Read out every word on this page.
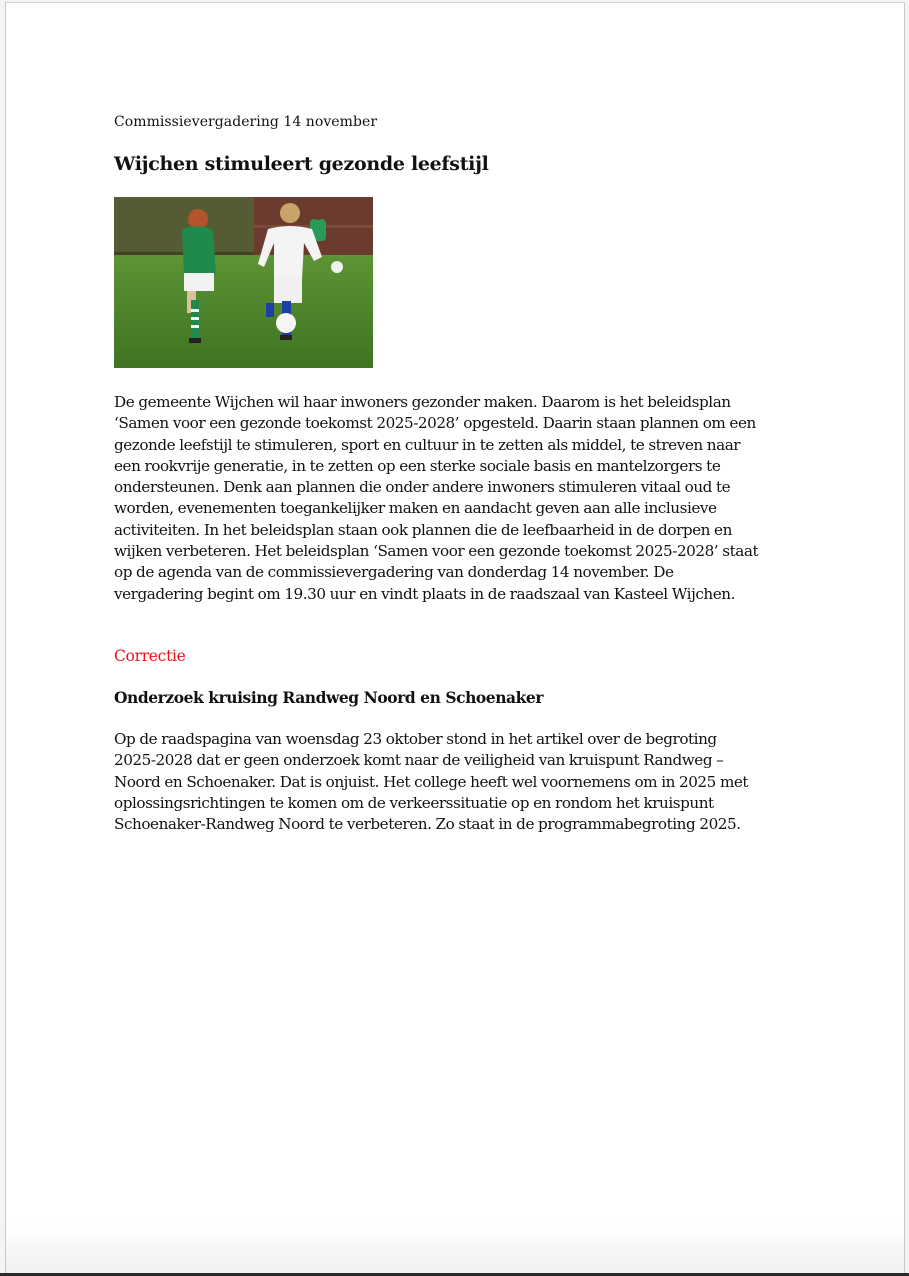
Commissievergadering 14 november

Wijchen stimuleert gezonde leefstijl

De gemeente Wijchen wil haar inwoners gezonder maken. Daarom is het beleidsplan
‘Samen voor een gezonde toekomst 2025-2028’ opgesteld. Daarin staan plannen om een
gezonde leefstijl te stimuleren, sport en cultuur in te zetten als middel, te streven naar
een rookvrije generatie, in te zetten op een sterke sociale basis en mantelzorgers te
ondersteunen. Denk aan plannen die onder andere inwoners stimuleren vitaal oud te
worden, evenementen toegankelijker maken en aandacht geven aan alle inclusieve
activiteiten. In het beleidsplan staan ook plannen die de leefbaarheid in de dorpen en
wijken verbeteren. Het beleidsplan ‘Samen voor een gezonde toekomst 2025-2028’ staat
op de agenda van de commissievergadering van donderdag 14 november. De
vergadering begint om 19.30 uur en vindt plaats in de raadszaal van Kasteel Wijchen.

Correctie

Onderzoek kruising Randweg Noord en Schoenaker

Op de raadspagina van woensdag 23 oktober stond in het artikel over de begroting
2025-2028 dat er geen onderzoek komt naar de veiligheid van kruispunt Randweg –
Noord en Schoenaker. Dat is onjuist. Het college heeft wel voornemens om in 2025 met
oplossingsrichtingen te komen om de verkeerssituatie op en rondom het kruispunt
Schoenaker-Randweg Noord te verbeteren. Zo staat in de programmabegroting 2025.
